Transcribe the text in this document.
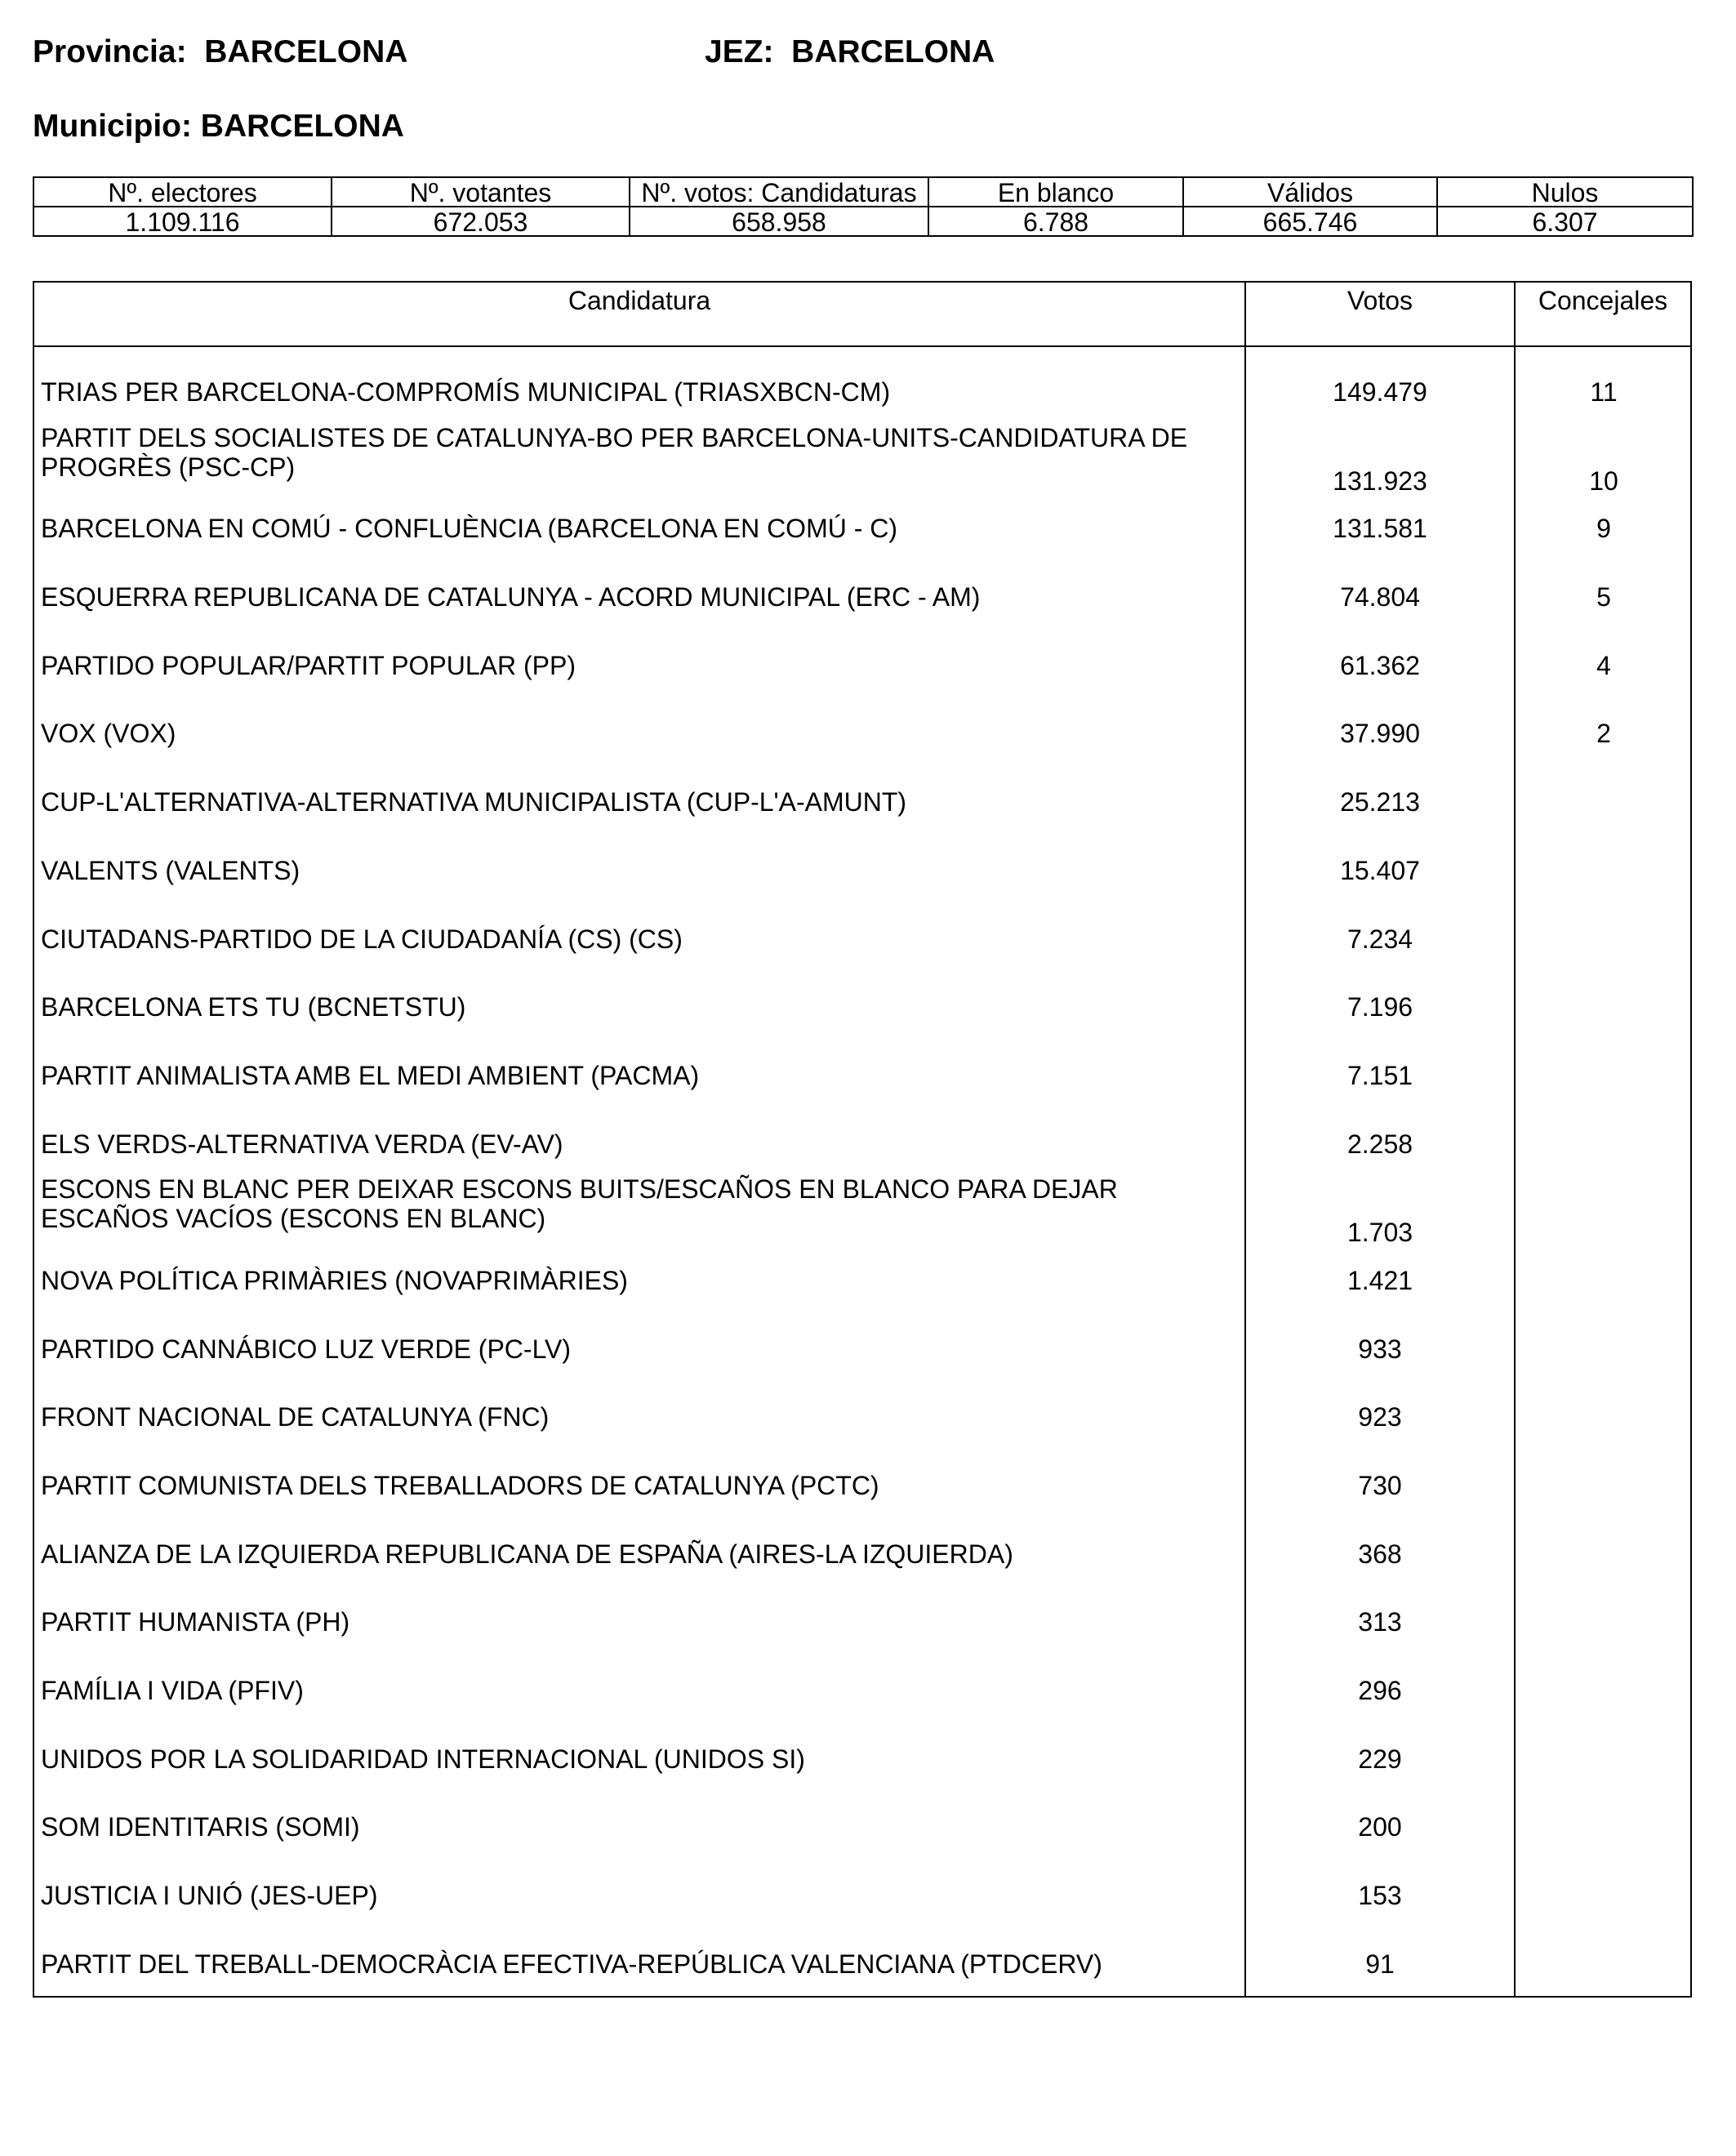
Provincia:  BARCELONA	JEZ:  BARCELONA
Municipio: BARCELONA
Nº. electores	Nº. votantes	Nº. votos: Candidaturas	En blanco	Válidos	Nulos
1.109.116	672.053	658.958	6.788	665.746	6.307
Candidatura	Votos	Concejales
TRIAS PER BARCELONA-COMPROMÍS MUNICIPAL (TRIASXBCN-CM)	149.479	11
PARTIT DELS SOCIALISTES DE CATALUNYA-BO PER BARCELONA-UNITS-CANDIDATURA DE PROGRÈS (PSC-CP)	131.923	10
BARCELONA EN COMÚ - CONFLUÈNCIA (BARCELONA EN COMÚ - C)	131.581	9
ESQUERRA REPUBLICANA DE CATALUNYA - ACORD MUNICIPAL (ERC - AM)	74.804	5
PARTIDO POPULAR/PARTIT POPULAR (PP)	61.362	4
VOX (VOX)	37.990	2
CUP-L'ALTERNATIVA-ALTERNATIVA MUNICIPALISTA (CUP-L'A-AMUNT)	25.213
VALENTS (VALENTS)	15.407
CIUTADANS-PARTIDO DE LA CIUDADANÍA (CS) (CS)	7.234
BARCELONA ETS TU (BCNETSTU)	7.196
PARTIT ANIMALISTA AMB EL MEDI AMBIENT (PACMA)	7.151
ELS VERDS-ALTERNATIVA VERDA (EV-AV)	2.258
ESCONS EN BLANC PER DEIXAR ESCONS BUITS/ESCAÑOS EN BLANCO PARA DEJAR ESCAÑOS VACÍOS (ESCONS EN BLANC)	1.703
NOVA POLÍTICA PRIMÀRIES (NOVAPRIMÀRIES)	1.421
PARTIDO CANNÁBICO LUZ VERDE (PC-LV)	933
FRONT NACIONAL DE CATALUNYA (FNC)	923
PARTIT COMUNISTA DELS TREBALLADORS DE CATALUNYA (PCTC)	730
ALIANZA DE LA IZQUIERDA REPUBLICANA DE ESPAÑA (AIRES-LA IZQUIERDA)	368
PARTIT HUMANISTA (PH)	313
FAMÍLIA I VIDA (PFIV)	296
UNIDOS POR LA SOLIDARIDAD INTERNACIONAL (UNIDOS SI)	229
SOM IDENTITARIS (SOMI)	200
JUSTICIA I UNIÓ (JES-UEP)	153
PARTIT DEL TREBALL-DEMOCRÀCIA EFECTIVA-REPÚBLICA VALENCIANA (PTDCERV)	91
